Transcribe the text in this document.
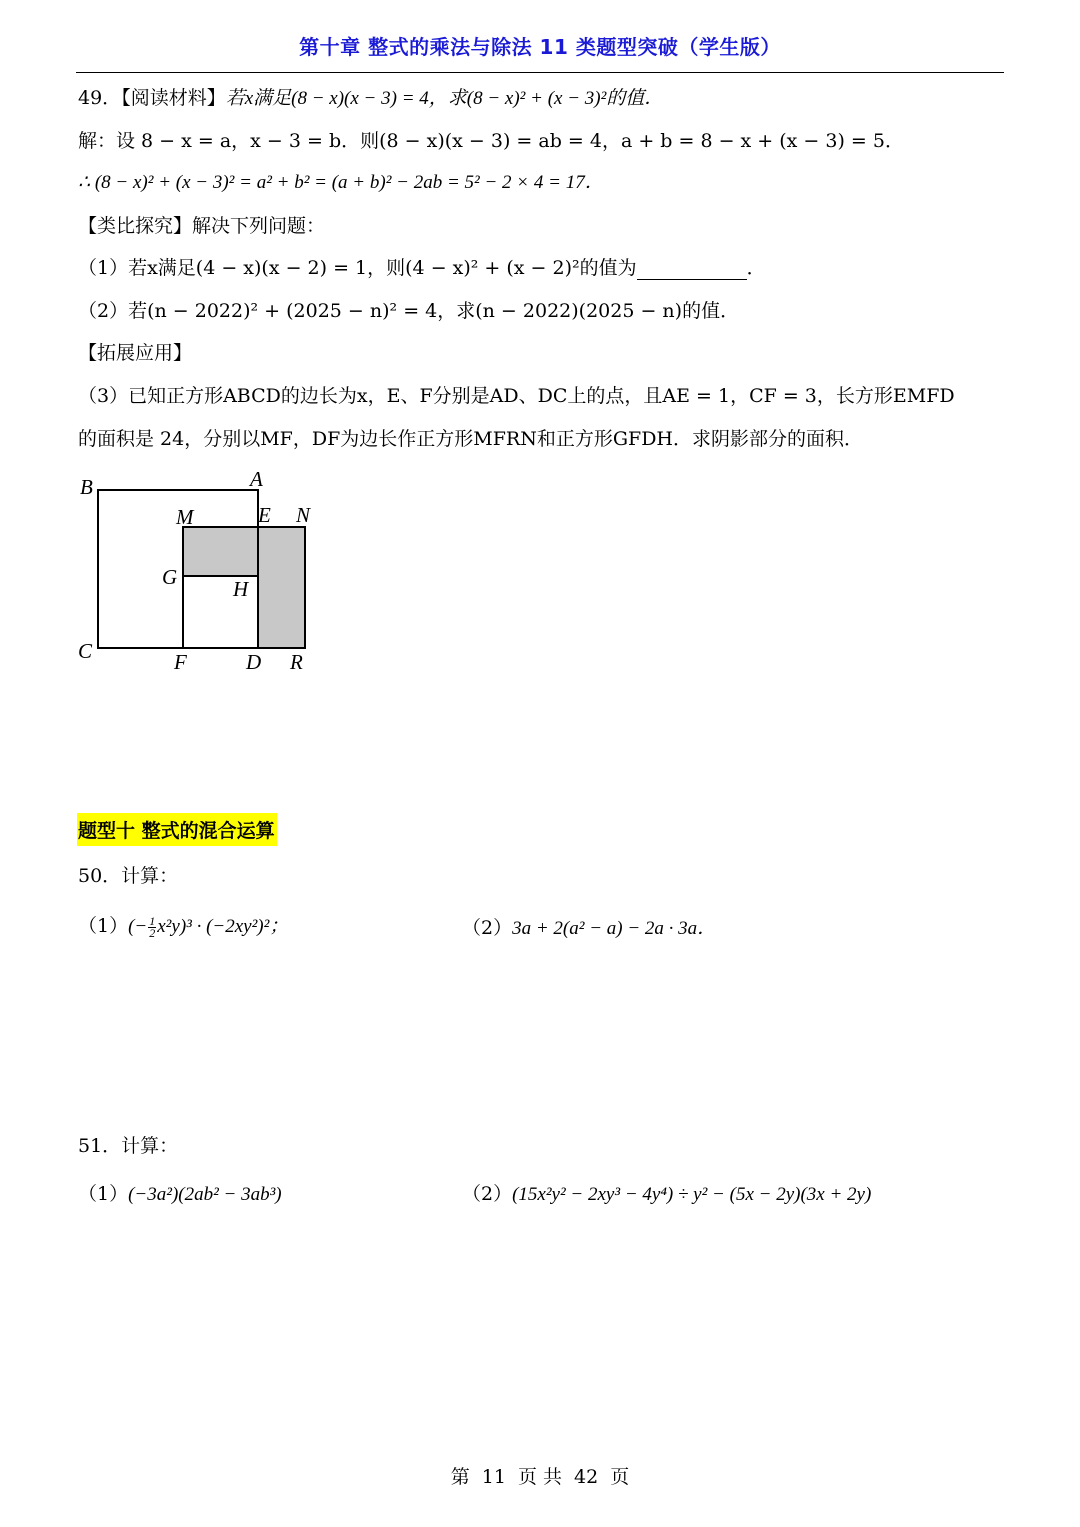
第十章 整式的乘法与除法 11 类题型突破（学生版）
49．【阅读材料】若x满足(8 − x)(x − 3) = 4，求(8 − x)² + (x − 3)²的值．
解：设 8 − x = a，x − 3 = b．则(8 − x)(x − 3) = ab = 4，a + b = 8 − x + (x − 3) = 5．
∴ (8 − x)² + (x − 3)² = a² + b² = (a + b)² − 2ab = 5² − 2 × 4 = 17．
【类比探究】解决下列问题：
（1）若x满足(4 − x)(x − 2) = 1，则(4 − x)² + (x − 2)²的值为	．
（2）若(n − 2022)² + (2025 − n)² = 4，求(n − 2022)(2025 − n)的值．
【拓展应用】
（3）已知正方形ABCD的边长为x，E、F分别是AD、DC上的点，且AE = 1，CF = 3，长方形EMFD
的面积是 24，分别以MF，DF为边长作正方形MFRN和正方形GFDH．求阴影部分的面积．
B	A
M	E N
G	H
C	F	D R
题型十 整式的混合运算
50．计算：
$(1)(- \frac{1}{2} x^2y)^3 \cdot (-2xy^2)^2$；	（2）3a + 2(a² − a) − 2a · 3a．
51．计算：
（1）(−3a²)(2ab² − 3ab³)	（2）(15x²y² − 2xy³ − 4y⁴) ÷ y² − (5x − 2y)(3x + 2y)
第 11 页 共 42 页
